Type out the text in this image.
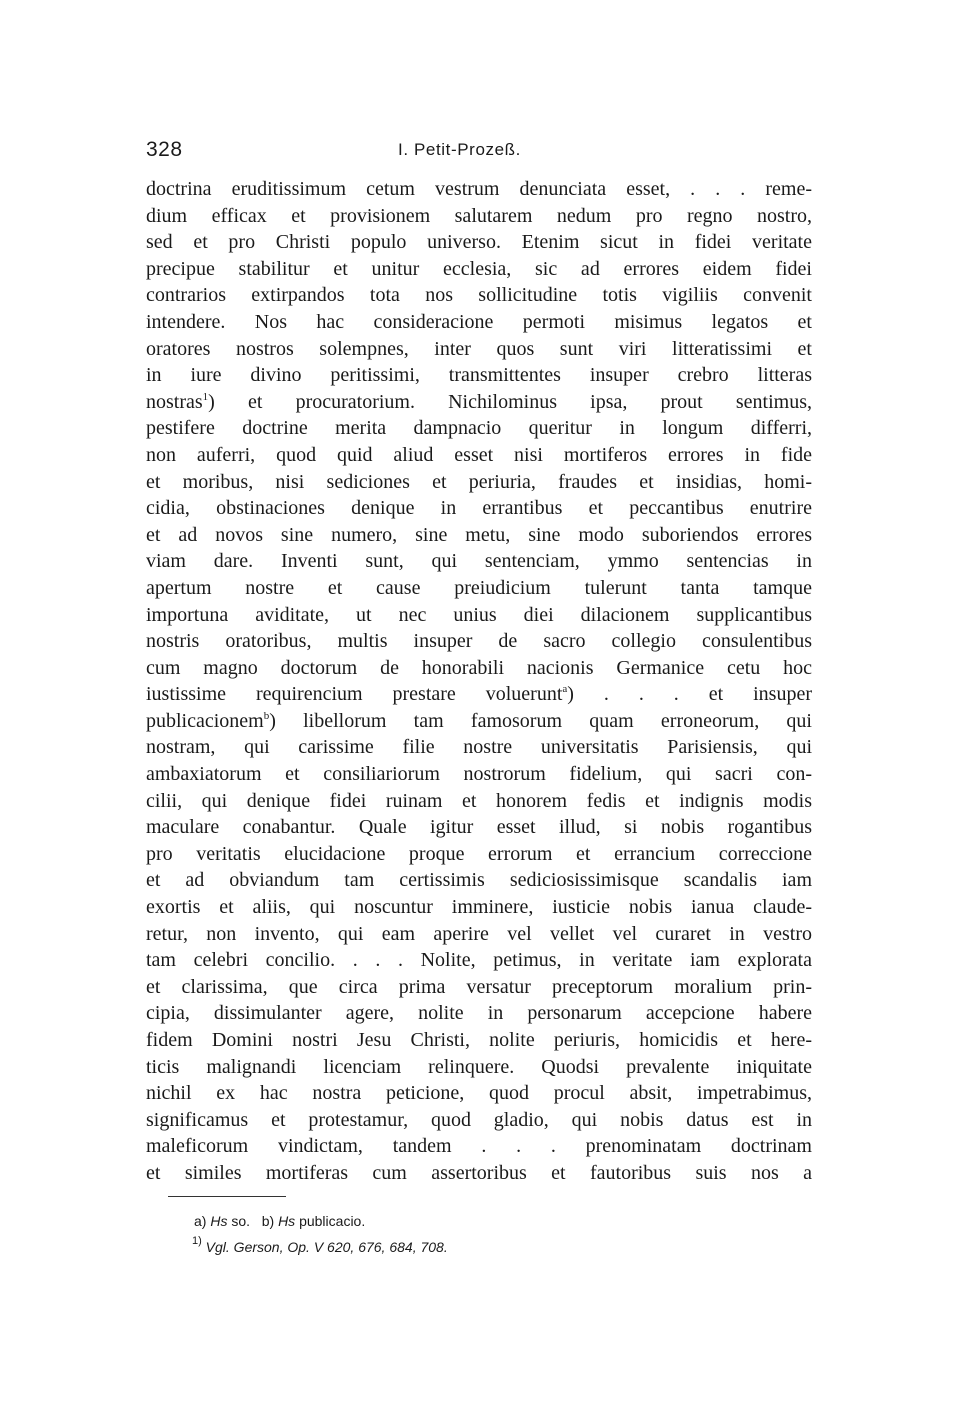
328	I. Petit-Prozeß.
doctrina eruditissimum cetum vestrum denunciata esset, . . . reme-
dium efficax et provisionem salutarem nedum pro regno nostro,
sed et pro Christi populo universo. Etenim sicut in fidei veritate
precipue stabilitur et unitur ecclesia, sic ad errores eidem fidei
contrarios extirpandos tota nos sollicitudine totis vigiliis convenit
intendere. Nos hac consideracione permoti misimus legatos et
oratores nostros solempnes, inter quos sunt viri litteratissimi et
in iure divino peritissimi, transmittentes insuper crebro litteras
nostras$^1$) et procuratorium. Nichilominus ipsa, prout sentimus,
pestifere doctrine merita dampnacio queritur in longum differri,
non auferri, quod quid aliud esset nisi mortiferos errores in fide
et moribus, nisi sediciones et periuria, fraudes et insidias, homi-
cidia, obstinaciones denique in errantibus et peccantibus enutrire
et ad novos sine numero, sine metu, sine modo suboriendos errores
viam dare. Inventi sunt, qui sentenciam, ymmo sentencias in
apertum nostre et cause preiudicium tulerunt tanta tamque
importuna aviditate, ut nec unius diei dilacionem supplicantibus
nostris oratoribus, multis insuper de sacro collegio consulentibus
cum magno doctorum de honorabili nacionis Germanice cetu hoc
iustissime requirencium prestare voluerunt$^a$) . . . et insuper
publicacionem$^b$) libellorum tam famosorum quam erroneorum, qui
nostram, qui carissime filie nostre universitatis Parisiensis, qui
ambaxiatorum et consiliariorum nostrorum fidelium, qui sacri con-
cilii, qui denique fidei ruinam et honorem fedis et indignis modis
maculare conabantur. Quale igitur esset illud, si nobis rogantibus
pro veritatis elucidacione proque errorum et errancium correccione
et ad obviandum tam certissimis sediciosissimisque scandalis iam
exortis et aliis, qui noscuntur imminere, iusticie nobis ianua claude-
retur, non invento, qui eam aperire vel vellet vel curaret in vestro
tam celebri concilio. . . . Nolite, petimus, in veritate iam explorata
et clarissima, que circa prima versatur preceptorum moralium prin-
cipia, dissimulanter agere, nolite in personarum accepcione habere
fidem Domini nostri Jesu Christi, nolite periuris, homicidis et here-
ticis malignandi licenciam relinquere. Quodsi prevalente iniquitate
nichil ex hac nostra peticione, quod procul absit, impetrabimus,
significamus et protestamur, quod gladio, qui nobis datus est in
maleficorum vindictam, tandem . . . prenominatam doctrinam
et similes mortiferas cum assertoribus et fautoribus suis nos a
a) Hs so. b) Hs publicacio.
$^{1)}$ Vgl. Gerson, Op. V 620, 676, 684, 708.
